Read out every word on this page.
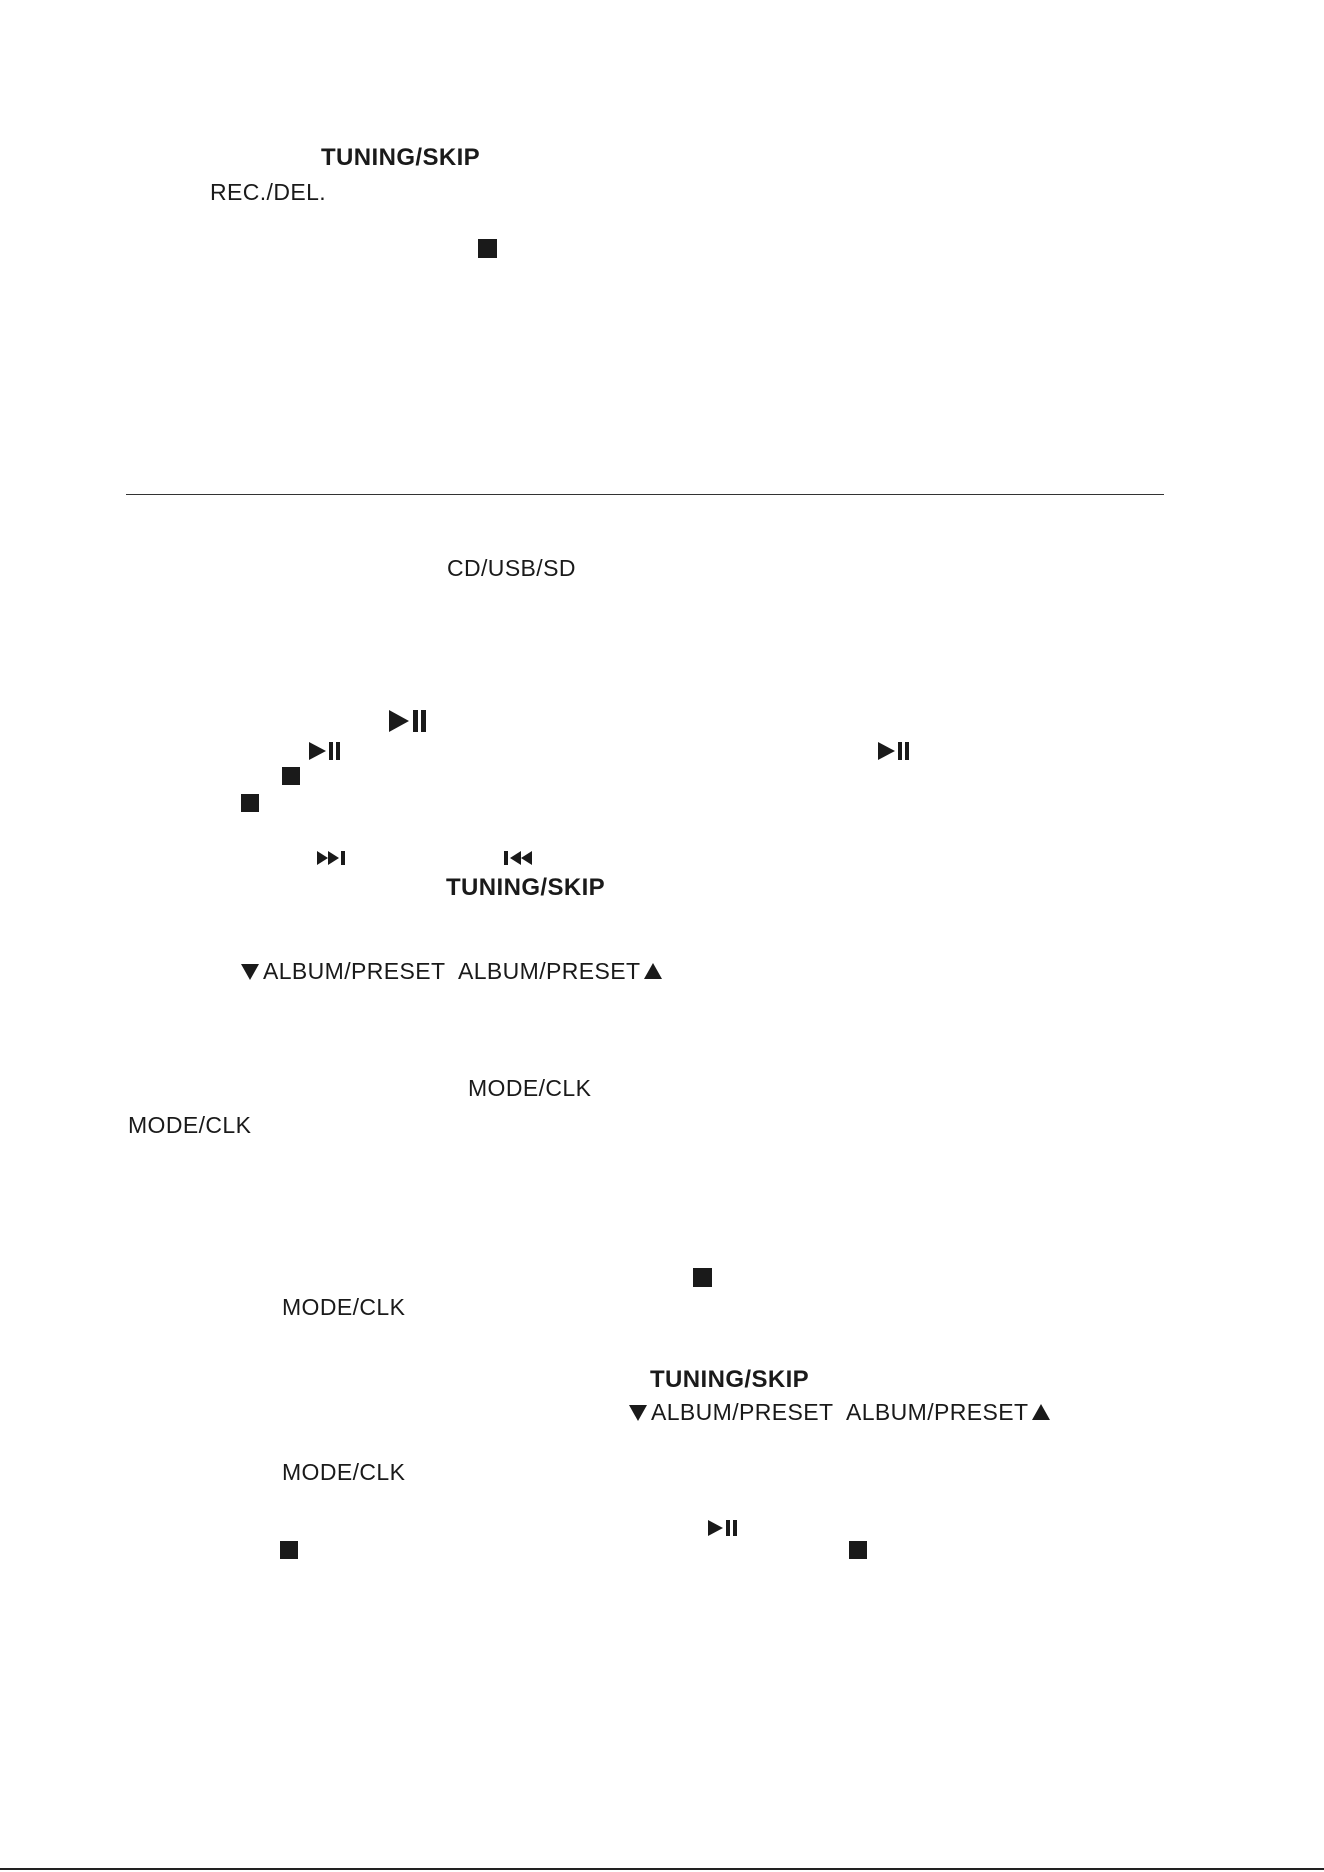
TUNING/SKIP
REC./DEL.
CD/USB/SD
TUNING/SKIP
ALBUM/PRESET ALBUM/PRESET
MODE/CLK
MODE/CLK
MODE/CLK
TUNING/SKIP
ALBUM/PRESET ALBUM/PRESET
MODE/CLK
